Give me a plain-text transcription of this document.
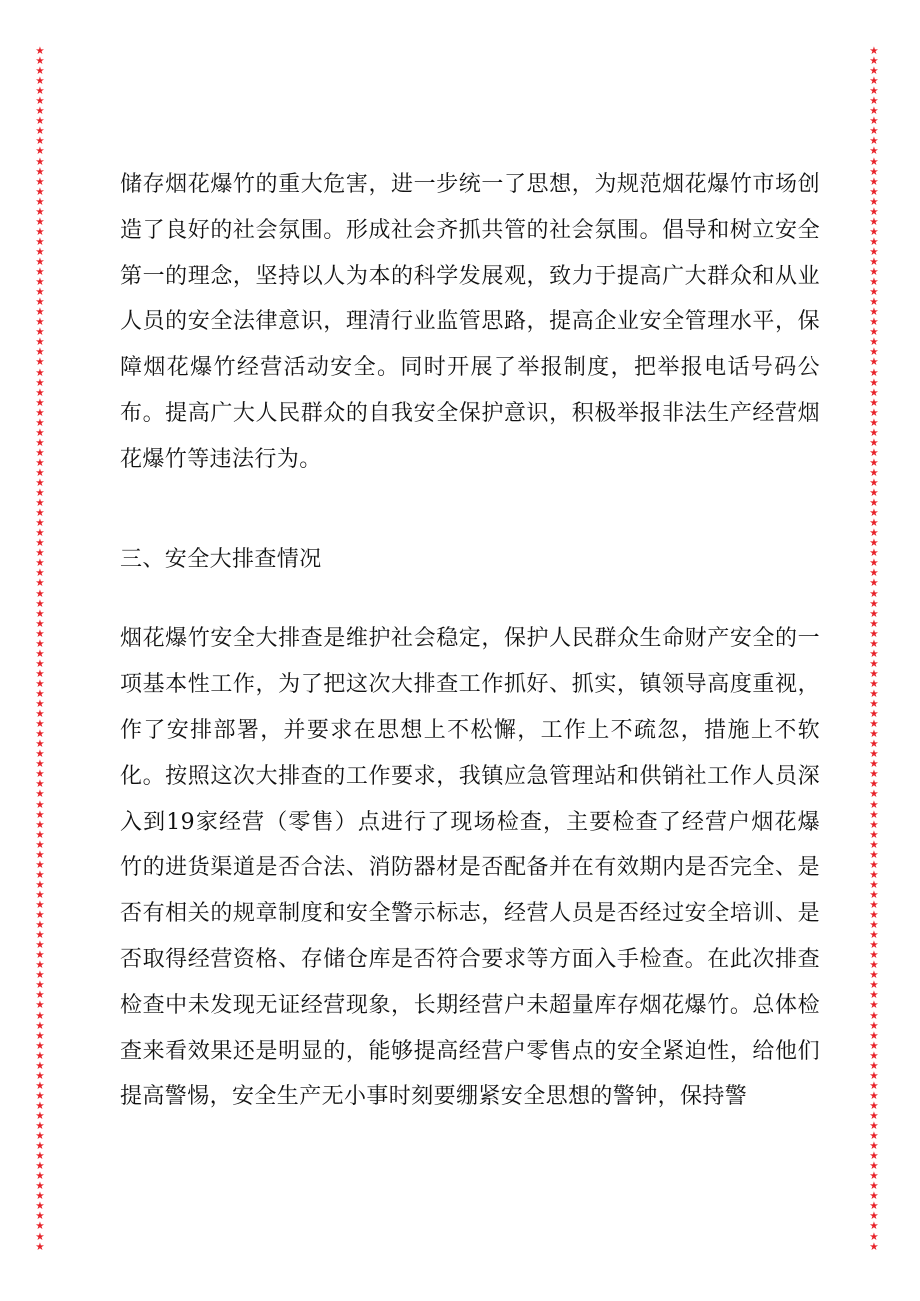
★
★
★
★
★
★
★
★
★
★
★
★
★
★
★
★
★
★
★
★
★
★
★
★
★
★
★
★
★
★
★
★
★
★
★
★
★
★
★
★
★
★
★
★
★
★
★
★
★
★
★
★
★
★
★
★
★
★
★
★
★
★
★
★
★
★
★
★
★
★
★
★
★
★
★
★
★
★
★
★
★
★
★
★
★
★
★
★
★
★
★
★
★
★
★
★
★
★
★
★
★
★
★
★
★
★
★
★
★
★
★
★
★
★
★
★
★
★
★
★
★
★
★
★
★
★
★
★
★
★
★
★
★
★
★
★
★
★
★
★
★
★
★
★
★
★
★
★
★
★
★
★
★
★
★
★
★
★
★
★
★
★
★
★
★
★
★
★
★
★
★
★
★
★
★
★
★
★
★
★
★
★
★
★
★
★
★
★
★
★
★
★
★
★
★
★
★
★
★
★
★
★
★
★
★
★
★
★
★
★
★
★
★
★
★
★
★
★
★
★
★
★
★
★
★
★
★
★
★
★
★
★
★
★
★
★
★
★
★
★

储存烟花爆竹的重大危害，进一步统一了思想，为规范烟花爆竹市场创造了良好的社会氛围。形成社会齐抓共管的社会氛围。倡导和树立安全第一的理念，坚持以人为本的科学发展观，致力于提高广大群众和从业人员的安全法律意识，理清行业监管思路，提高企业安全管理水平，保障烟花爆竹经营活动安全。同时开展了举报制度，把举报电话号码公布。提高广大人民群众的自我安全保护意识，积极举报非法生产经营烟花爆竹等违法行为。

三、安全大排查情况

烟花爆竹安全大排查是维护社会稳定，保护人民群众生命财产安全的一项基本性工作，为了把这次大排查工作抓好、抓实，镇领导高度重视，作了安排部署，并要求在思想上不松懈，工作上不疏忽，措施上不软化。按照这次大排查的工作要求，我镇应急管理站和供销社工作人员深入到19家经营（零售）点进行了现场检查，主要检查了经营户烟花爆竹的进货渠道是否合法、消防器材是否配备并在有效期内是否完全、是否有相关的规章制度和安全警示标志，经营人员是否经过安全培训、是否取得经营资格、存储仓库是否符合要求等方面入手检查。在此次排查检查中未发现无证经营现象，长期经营户未超量库存烟花爆竹。总体检查来看效果还是明显的，能够提高经营户零售点的安全紧迫性，给他们提高警惕，安全生产无小事时刻要绷紧安全思想的警钟，保持警
